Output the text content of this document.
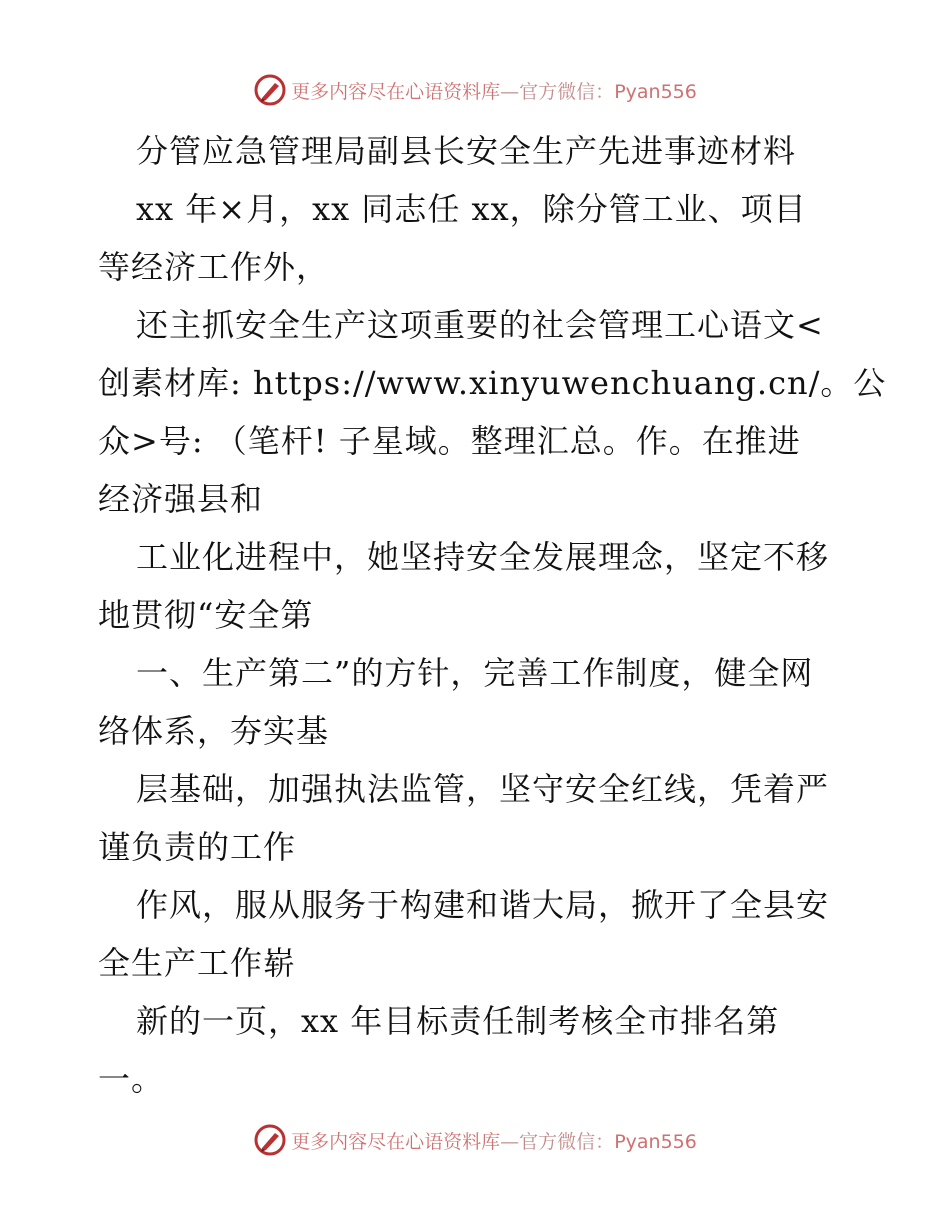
更多内容尽在心语资料库—官方微信：Pyan556
分管应急管理局副县长安全生产先进事迹材料
xx 年×月，xx 同志任 xx，除分管工业、项目
等经济工作外，
还主抓安全生产这项重要的社会管理工心语文<
创素材库: https://www.xinyuwenchuang.cn/。公
众>号: （笔杆! 子星域。整理汇总。作。在推进
经济强县和
工业化进程中，她坚持安全发展理念，坚定不移
地贯彻“安全第
一、生产第二”的方针，完善工作制度，健全网
络体系，夯实基
层基础，加强执法监管，坚守安全红线，凭着严
谨负责的工作
作风，服从服务于构建和谐大局，掀开了全县安
全生产工作崭
新的一页，xx 年目标责任制考核全市排名第
一。
更多内容尽在心语资料库—官方微信：Pyan556
